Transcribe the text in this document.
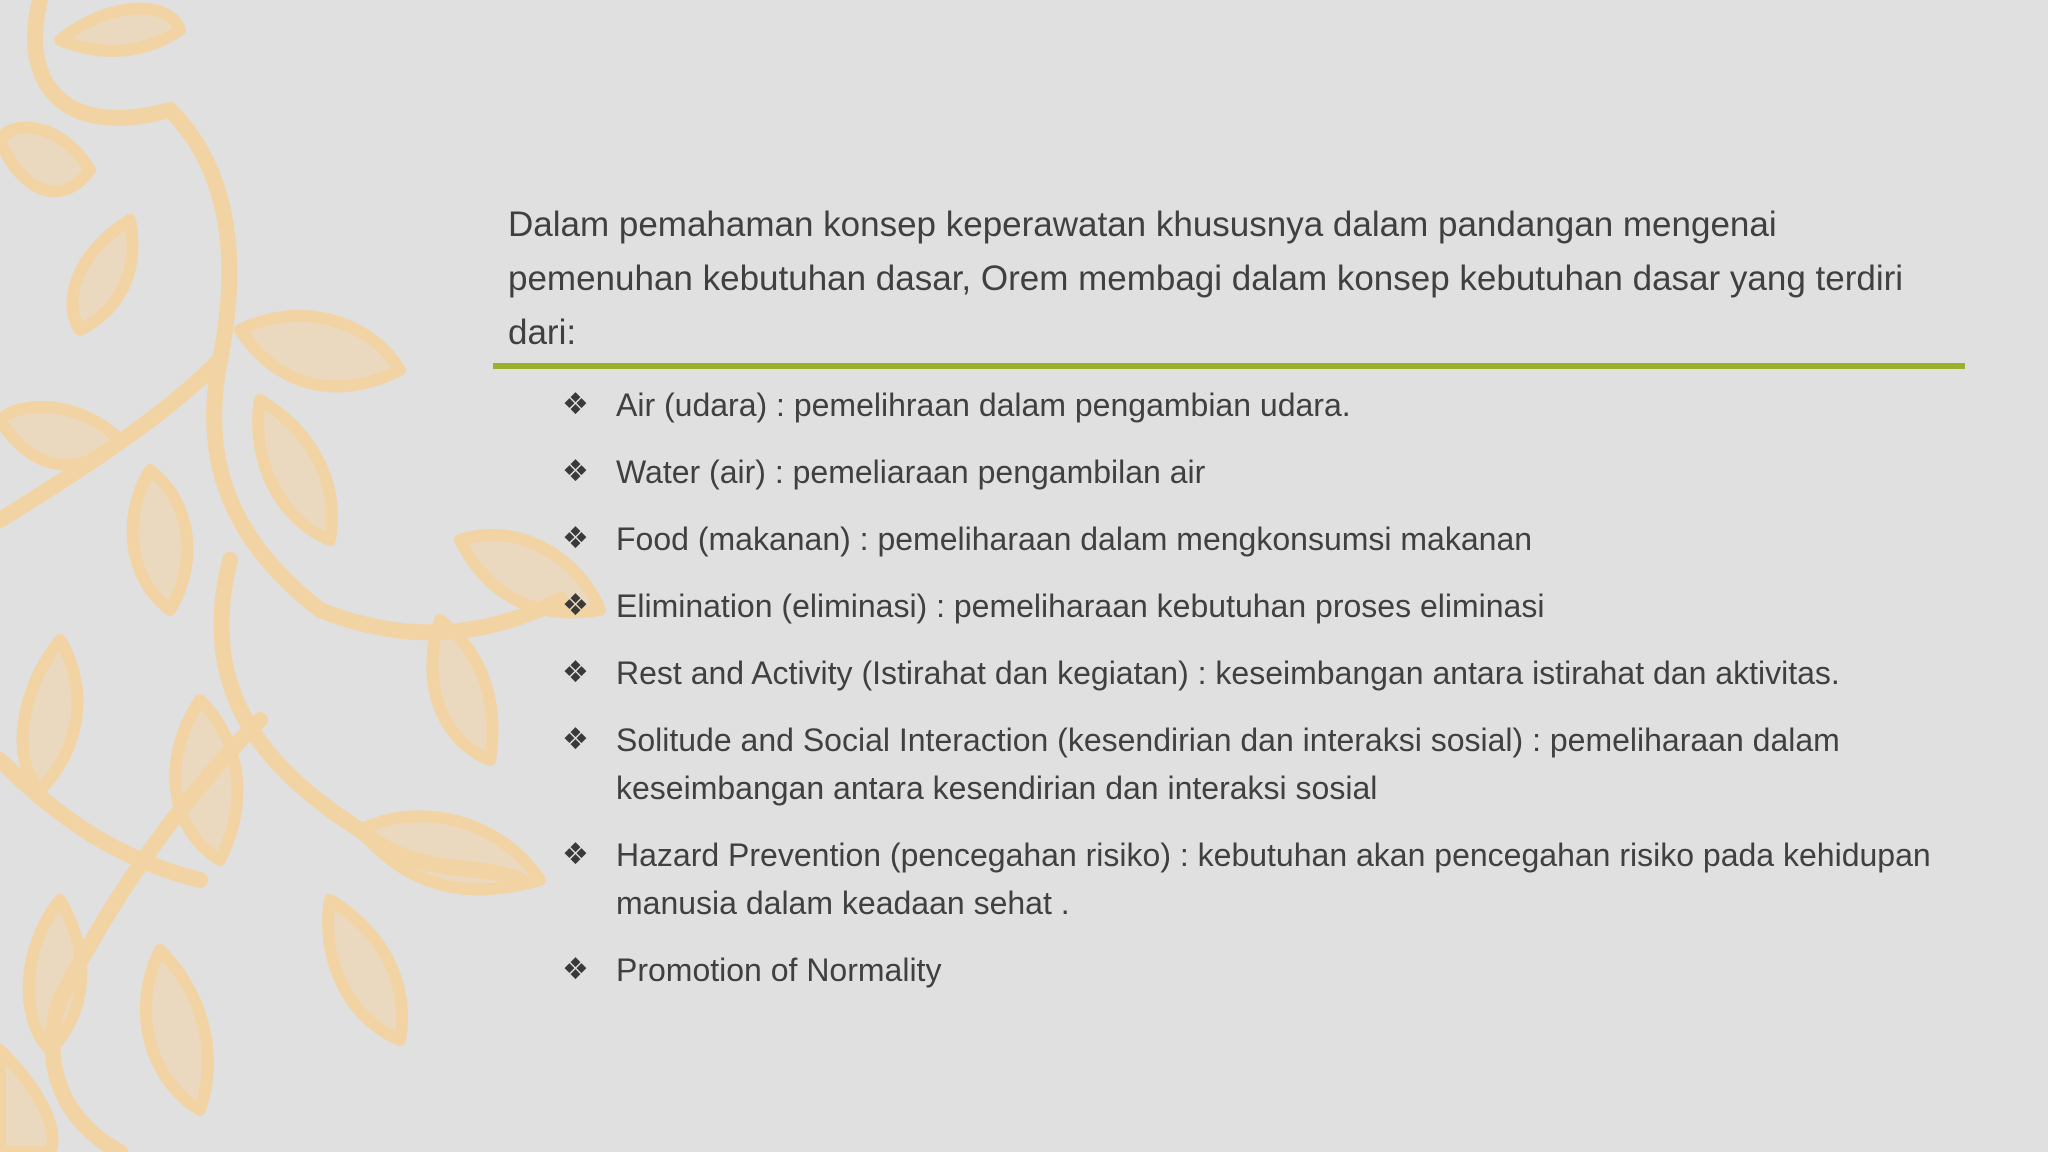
Dalam pemahaman konsep keperawatan khususnya dalam pandangan mengenai pemenuhan kebutuhan dasar, Orem membagi dalam konsep kebutuhan dasar yang terdiri dari:
❖ Air (udara) : pemelihraan dalam pengambian udara.
❖ Water (air) : pemeliaraan pengambilan air
❖ Food (makanan) : pemeliharaan dalam mengkonsumsi makanan
❖ Elimination (eliminasi) : pemeliharaan kebutuhan proses eliminasi
❖ Rest and Activity (Istirahat dan kegiatan) : keseimbangan antara istirahat dan aktivitas.
❖ Solitude and Social Interaction (kesendirian dan interaksi sosial) : pemeliharaan dalam keseimbangan antara kesendirian dan interaksi sosial
❖ Hazard Prevention (pencegahan risiko) : kebutuhan akan pencegahan risiko pada kehidupan manusia dalam keadaan sehat .
❖ Promotion of Normality
